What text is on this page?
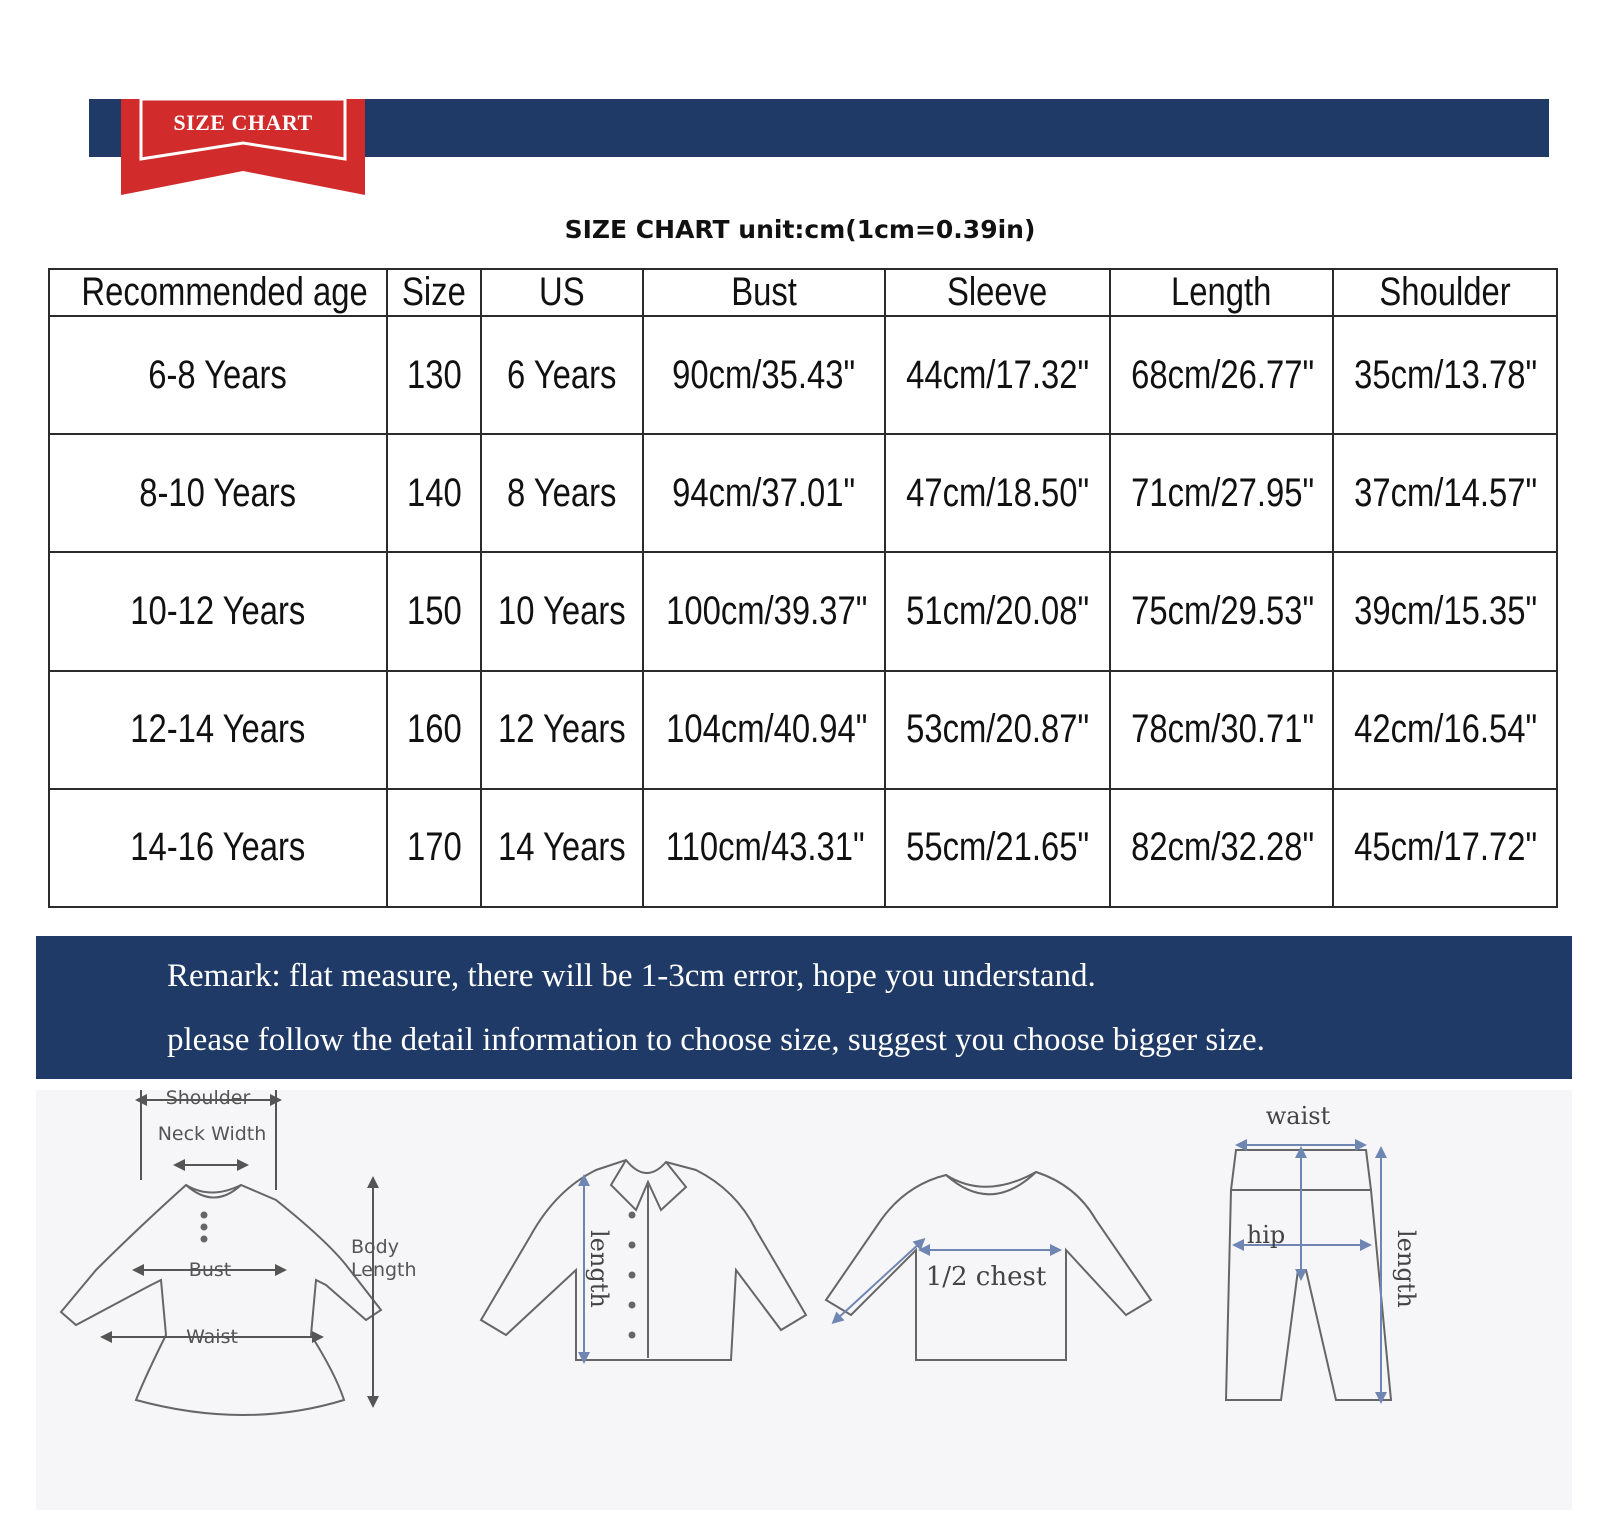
SIZE CHART
SIZE CHART unit:cm(1cm=0.39in)
Recommended age	Size	US	Bust	Sleeve	Length	Shoulder
6-8 Years	130	6 Years	90cm/35.43"	44cm/17.32"	68cm/26.77"	35cm/13.78"
8-10 Years	140	8 Years	94cm/37.01"	47cm/18.50"	71cm/27.95"	37cm/14.57"
10-12 Years	150	10 Years	100cm/39.37"	51cm/20.08"	75cm/29.53"	39cm/15.35"
12-14 Years	160	12 Years	104cm/40.94"	53cm/20.87"	78cm/30.71"	42cm/16.54"
14-16 Years	170	14 Years	110cm/43.31"	55cm/21.65"	82cm/32.28"	45cm/17.72"
Remark: flat measure, there will be 1-3cm error, hope you understand.
please follow the detail information to choose size, suggest you choose bigger size.
Shoulder
Neck Width
Bust
Waist
Body
Length	length	1/2 chest
waist
hip	length
